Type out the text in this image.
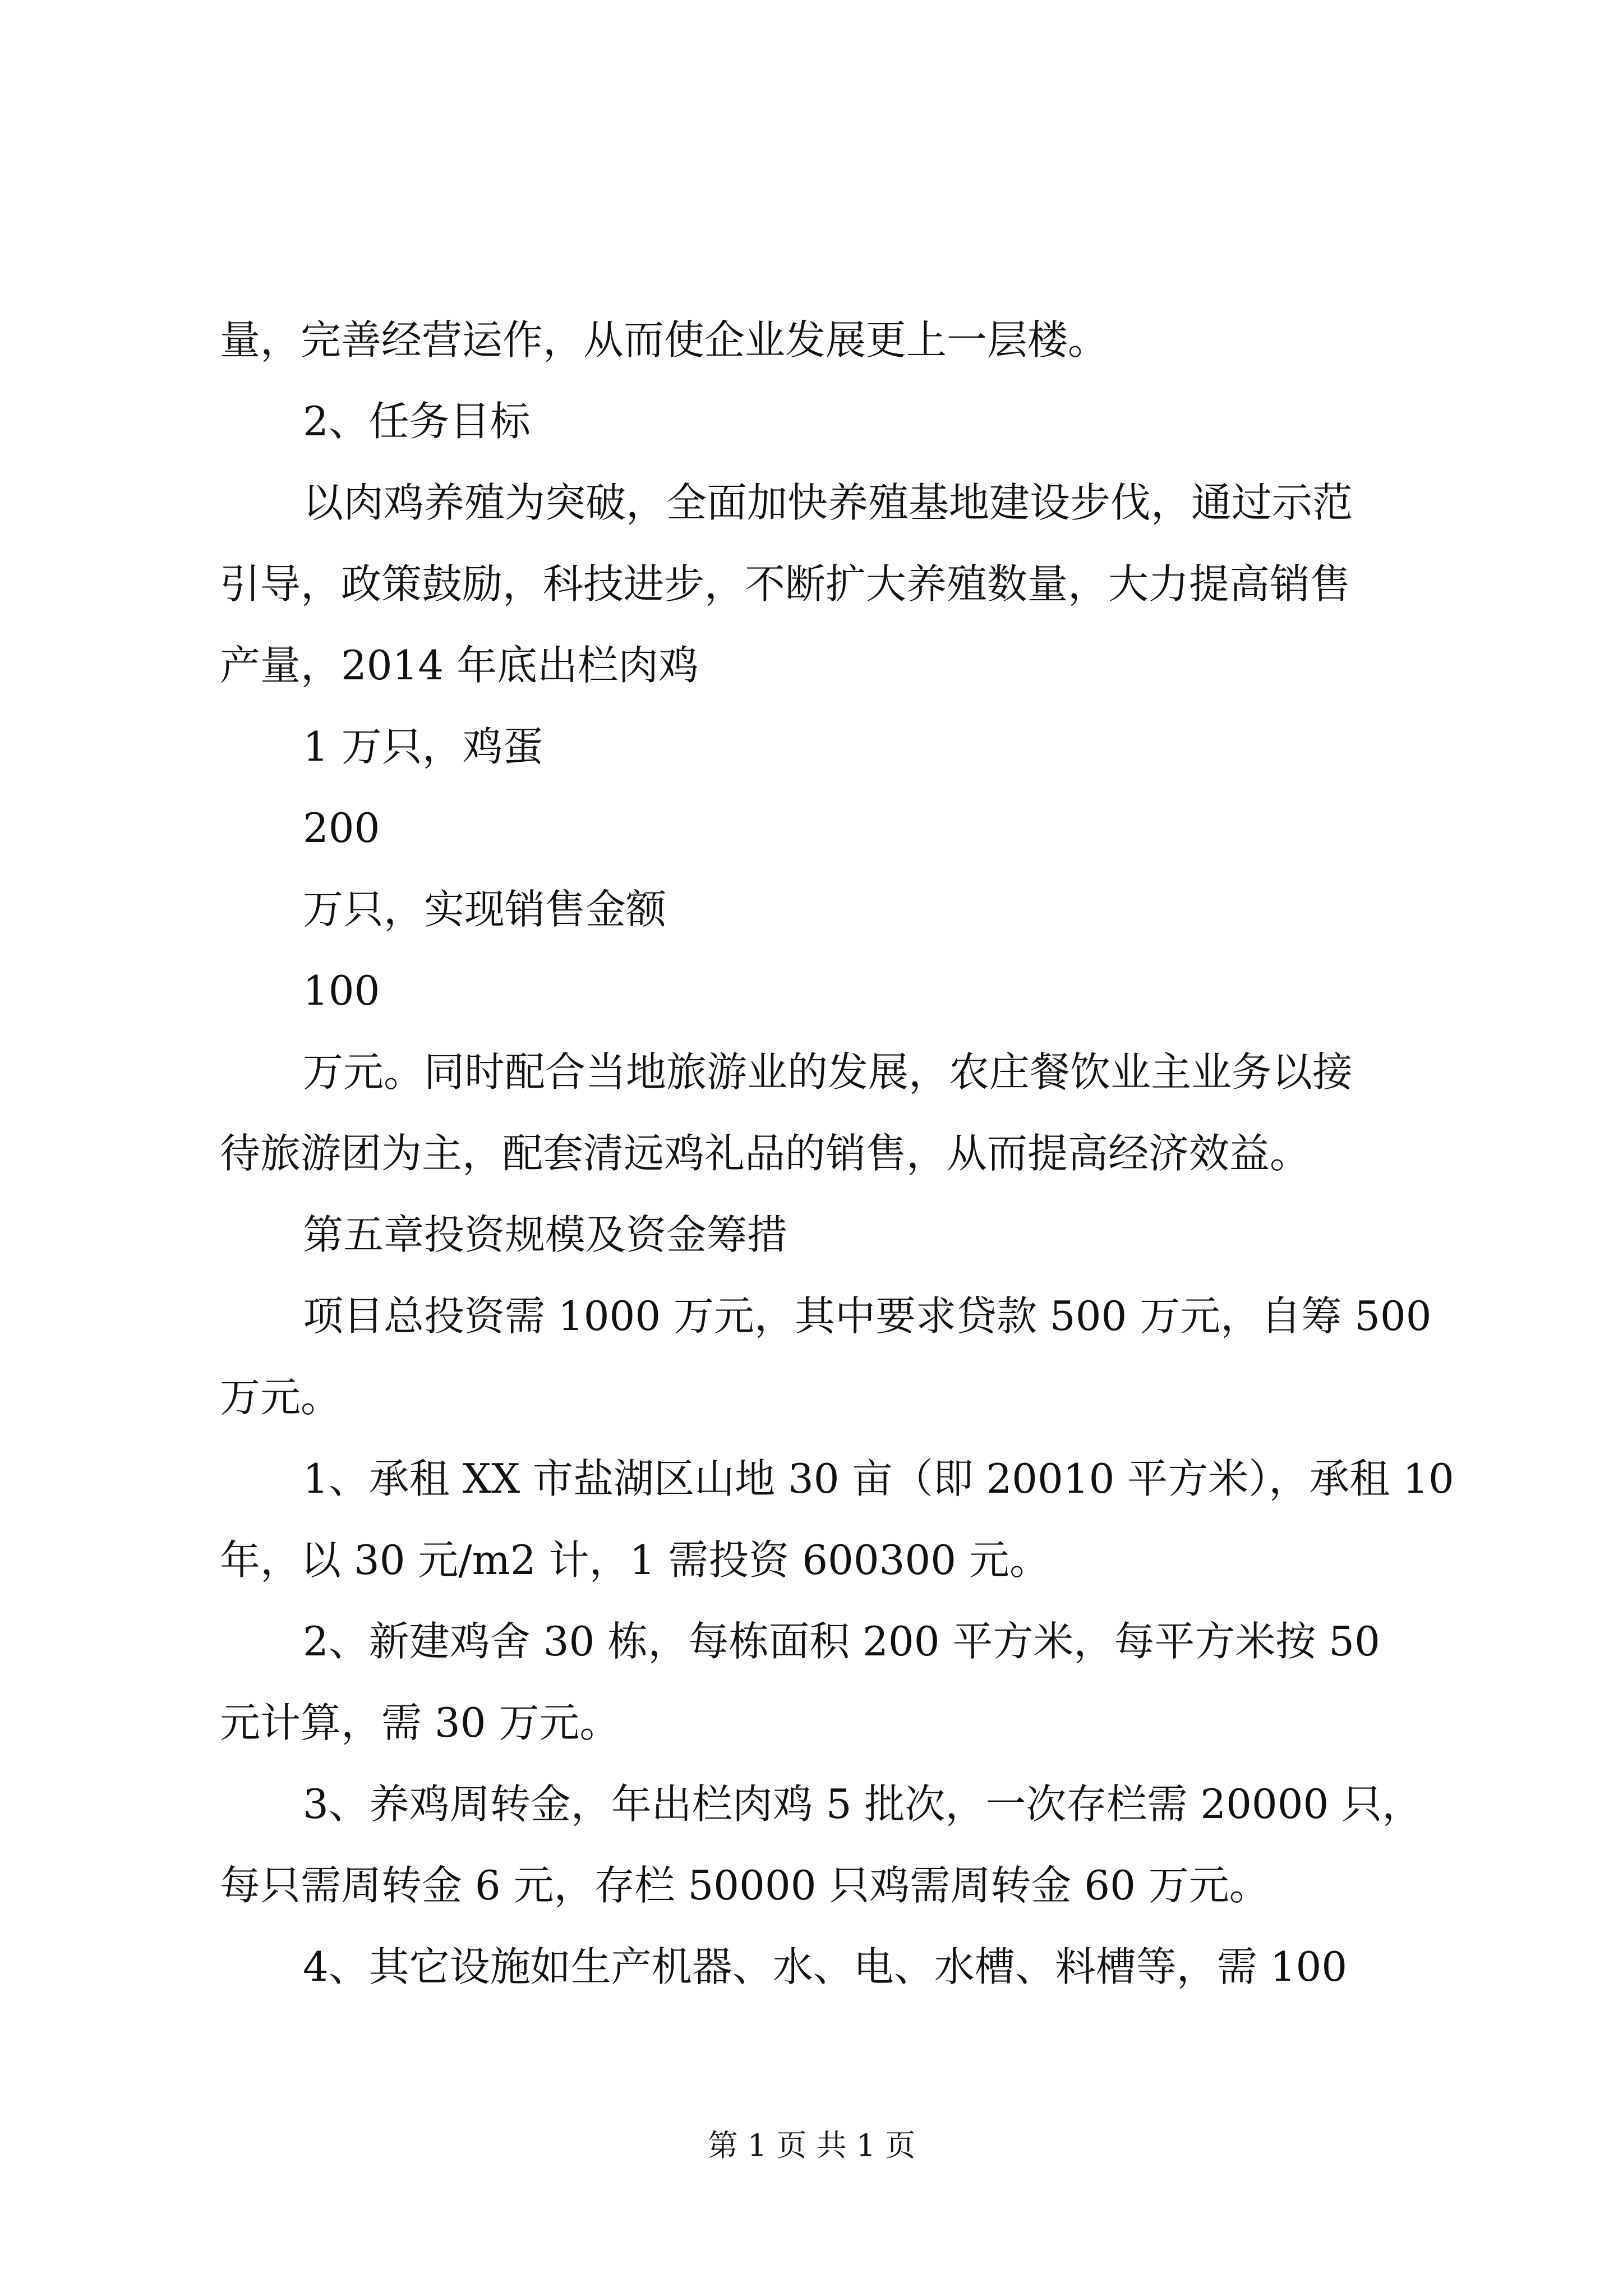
量，完善经营运作，从而使企业发展更上一层楼。
2、任务目标
以肉鸡养殖为突破，全面加快养殖基地建设步伐，通过示范
引导，政策鼓励，科技进步，不断扩大养殖数量，大力提高销售
产量，2014 年底出栏肉鸡
1 万只，鸡蛋
200
万只，实现销售金额
100
万元。同时配合当地旅游业的发展，农庄餐饮业主业务以接
待旅游团为主，配套清远鸡礼品的销售，从而提高经济效益。
第五章投资规模及资金筹措
项目总投资需 1000 万元，其中要求贷款 500 万元，自筹 500
万元。
1、承租 XX 市盐湖区山地 30 亩（即 20010 平方米），承租 10
年，以 30 元/m2 计，1 需投资 600300 元。
2、新建鸡舍 30 栋，每栋面积 200 平方米，每平方米按 50
元计算，需 30 万元。
3、养鸡周转金，年出栏肉鸡 5 批次，一次存栏需 20000 只，
每只需周转金 6 元，存栏 50000 只鸡需周转金 60 万元。
4、其它设施如生产机器、水、电、水槽、料槽等，需 100
第 1 页 共 1 页
